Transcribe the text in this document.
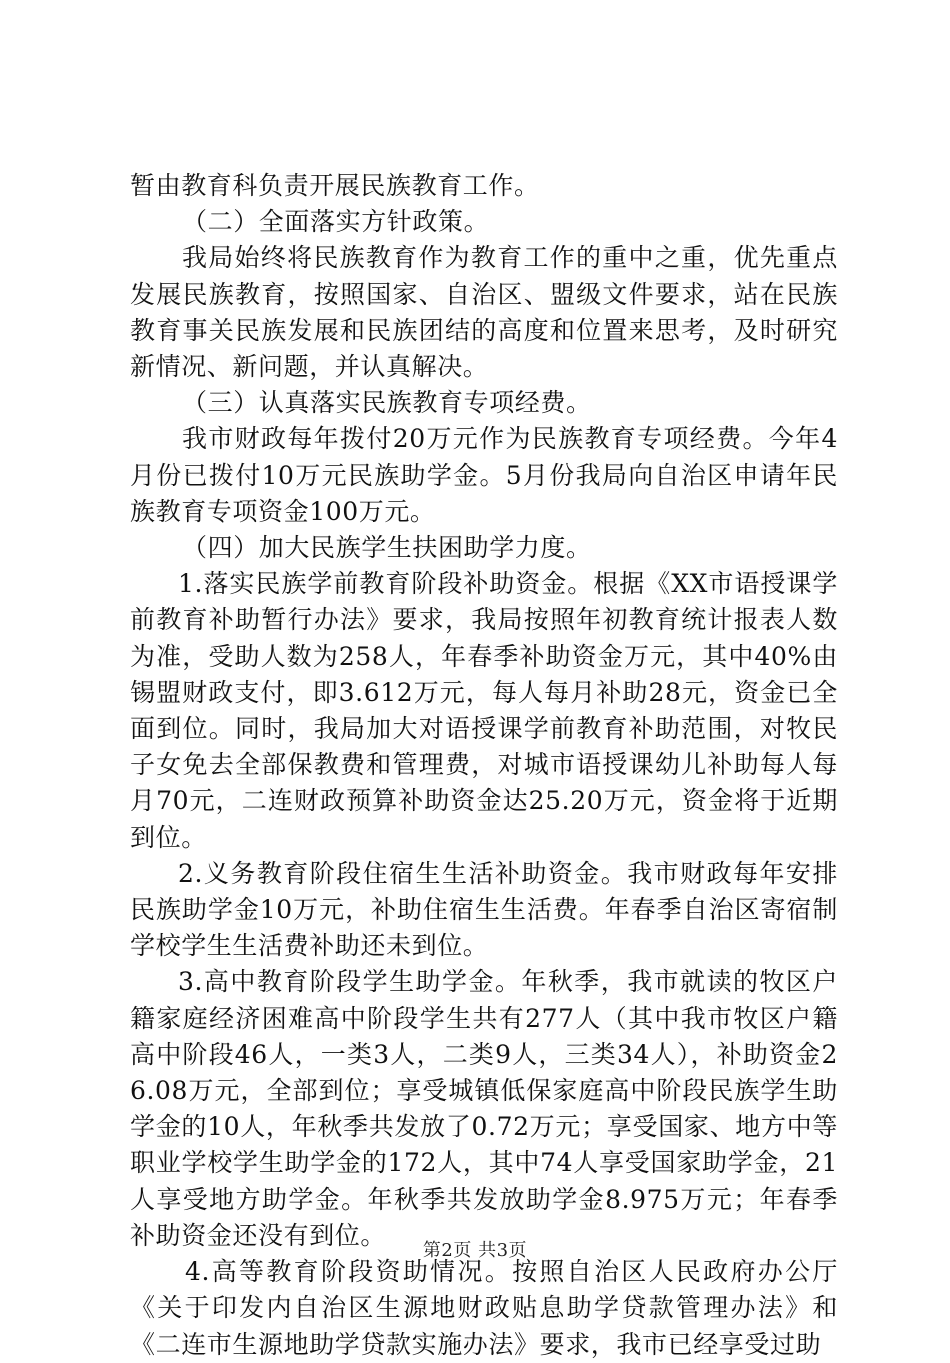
暂由教育科负责开展民族教育工作。

（二）全面落实方针政策。

我局始终将民族教育作为教育工作的重中之重，优先重点发展民族教育，按照国家、自治区、盟级文件要求，站在民族教育事关民族发展和民族团结的高度和位置来思考，及时研究新情况、新问题，并认真解决。

（三）认真落实民族教育专项经费。

我市财政每年拨付20万元作为民族教育专项经费。今年4月份已拨付10万元民族助学金。5月份我局向自治区申请年民族教育专项资金100万元。

（四）加大民族学生扶困助学力度。

1.落实民族学前教育阶段补助资金。根据《XX市语授课学前教育补助暂行办法》要求，我局按照年初教育统计报表人数为准，受助人数为258人，年春季补助资金万元，其中40%由锡盟财政支付，即3.612万元，每人每月补助28元，资金已全面到位。同时，我局加大对语授课学前教育补助范围，对牧民子女免去全部保教费和管理费，对城市语授课幼儿补助每人每月70元，二连财政预算补助资金达25.20万元，资金将于近期到位。

2.义务教育阶段住宿生生活补助资金。我市财政每年安排民族助学金10万元，补助住宿生生活费。年春季自治区寄宿制学校学生生活费补助还未到位。

3.高中教育阶段学生助学金。年秋季，我市就读的牧区户籍家庭经济困难高中阶段学生共有277人（其中我市牧区户籍高中阶段46人，一类3人，二类9人，三类34人），补助资金26.08万元，全部到位；享受城镇低保家庭高中阶段民族学生助学金的10人，年秋季共发放了0.72万元；享受国家、地方中等职业学校学生助学金的172人，其中74人享受国家助学金，21人享受地方助学金。年秋季共发放助学金8.975万元；年春季补助资金还没有到位。

4.高等教育阶段资助情况。按照自治区人民政府办公厅《关于印发内自治区生源地财政贴息助学贷款管理办法》和《二连市生源地助学贷款实施办法》要求，我市已经享受过助

第2页 共3页
